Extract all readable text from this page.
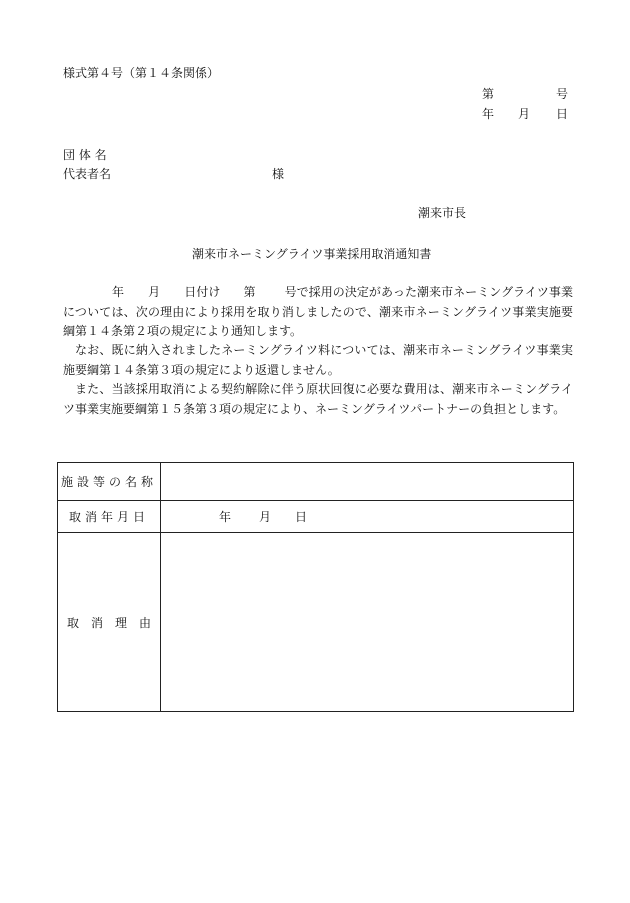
様式第４号（第１４条関係）
第	号
年 月 日
団 体 名
代表者名	様
潮来市長
潮来市ネーミングライツ事業採用取消通知書
年 月 日付け 第 号で採用の決定があった潮来市ネーミングライツ事業については、次の理由により採用を取り消しましたので、潮来市ネーミングライツ事業実施要綱第１４条第２項の規定により通知します。
なお、既に納入されましたネーミングライツ料については、潮来市ネーミングライツ事業実施要綱第１４条第３項の規定により返還しません。
また、当該採用取消による契約解除に伴う原状回復に必要な費用は、潮来市ネーミングライツ事業実施要綱第１５条第３項の規定により、ネーミングライツパートナーの負担とします。
施設等の名称	
取消年月日	年 月 日
取　消　理　由	
